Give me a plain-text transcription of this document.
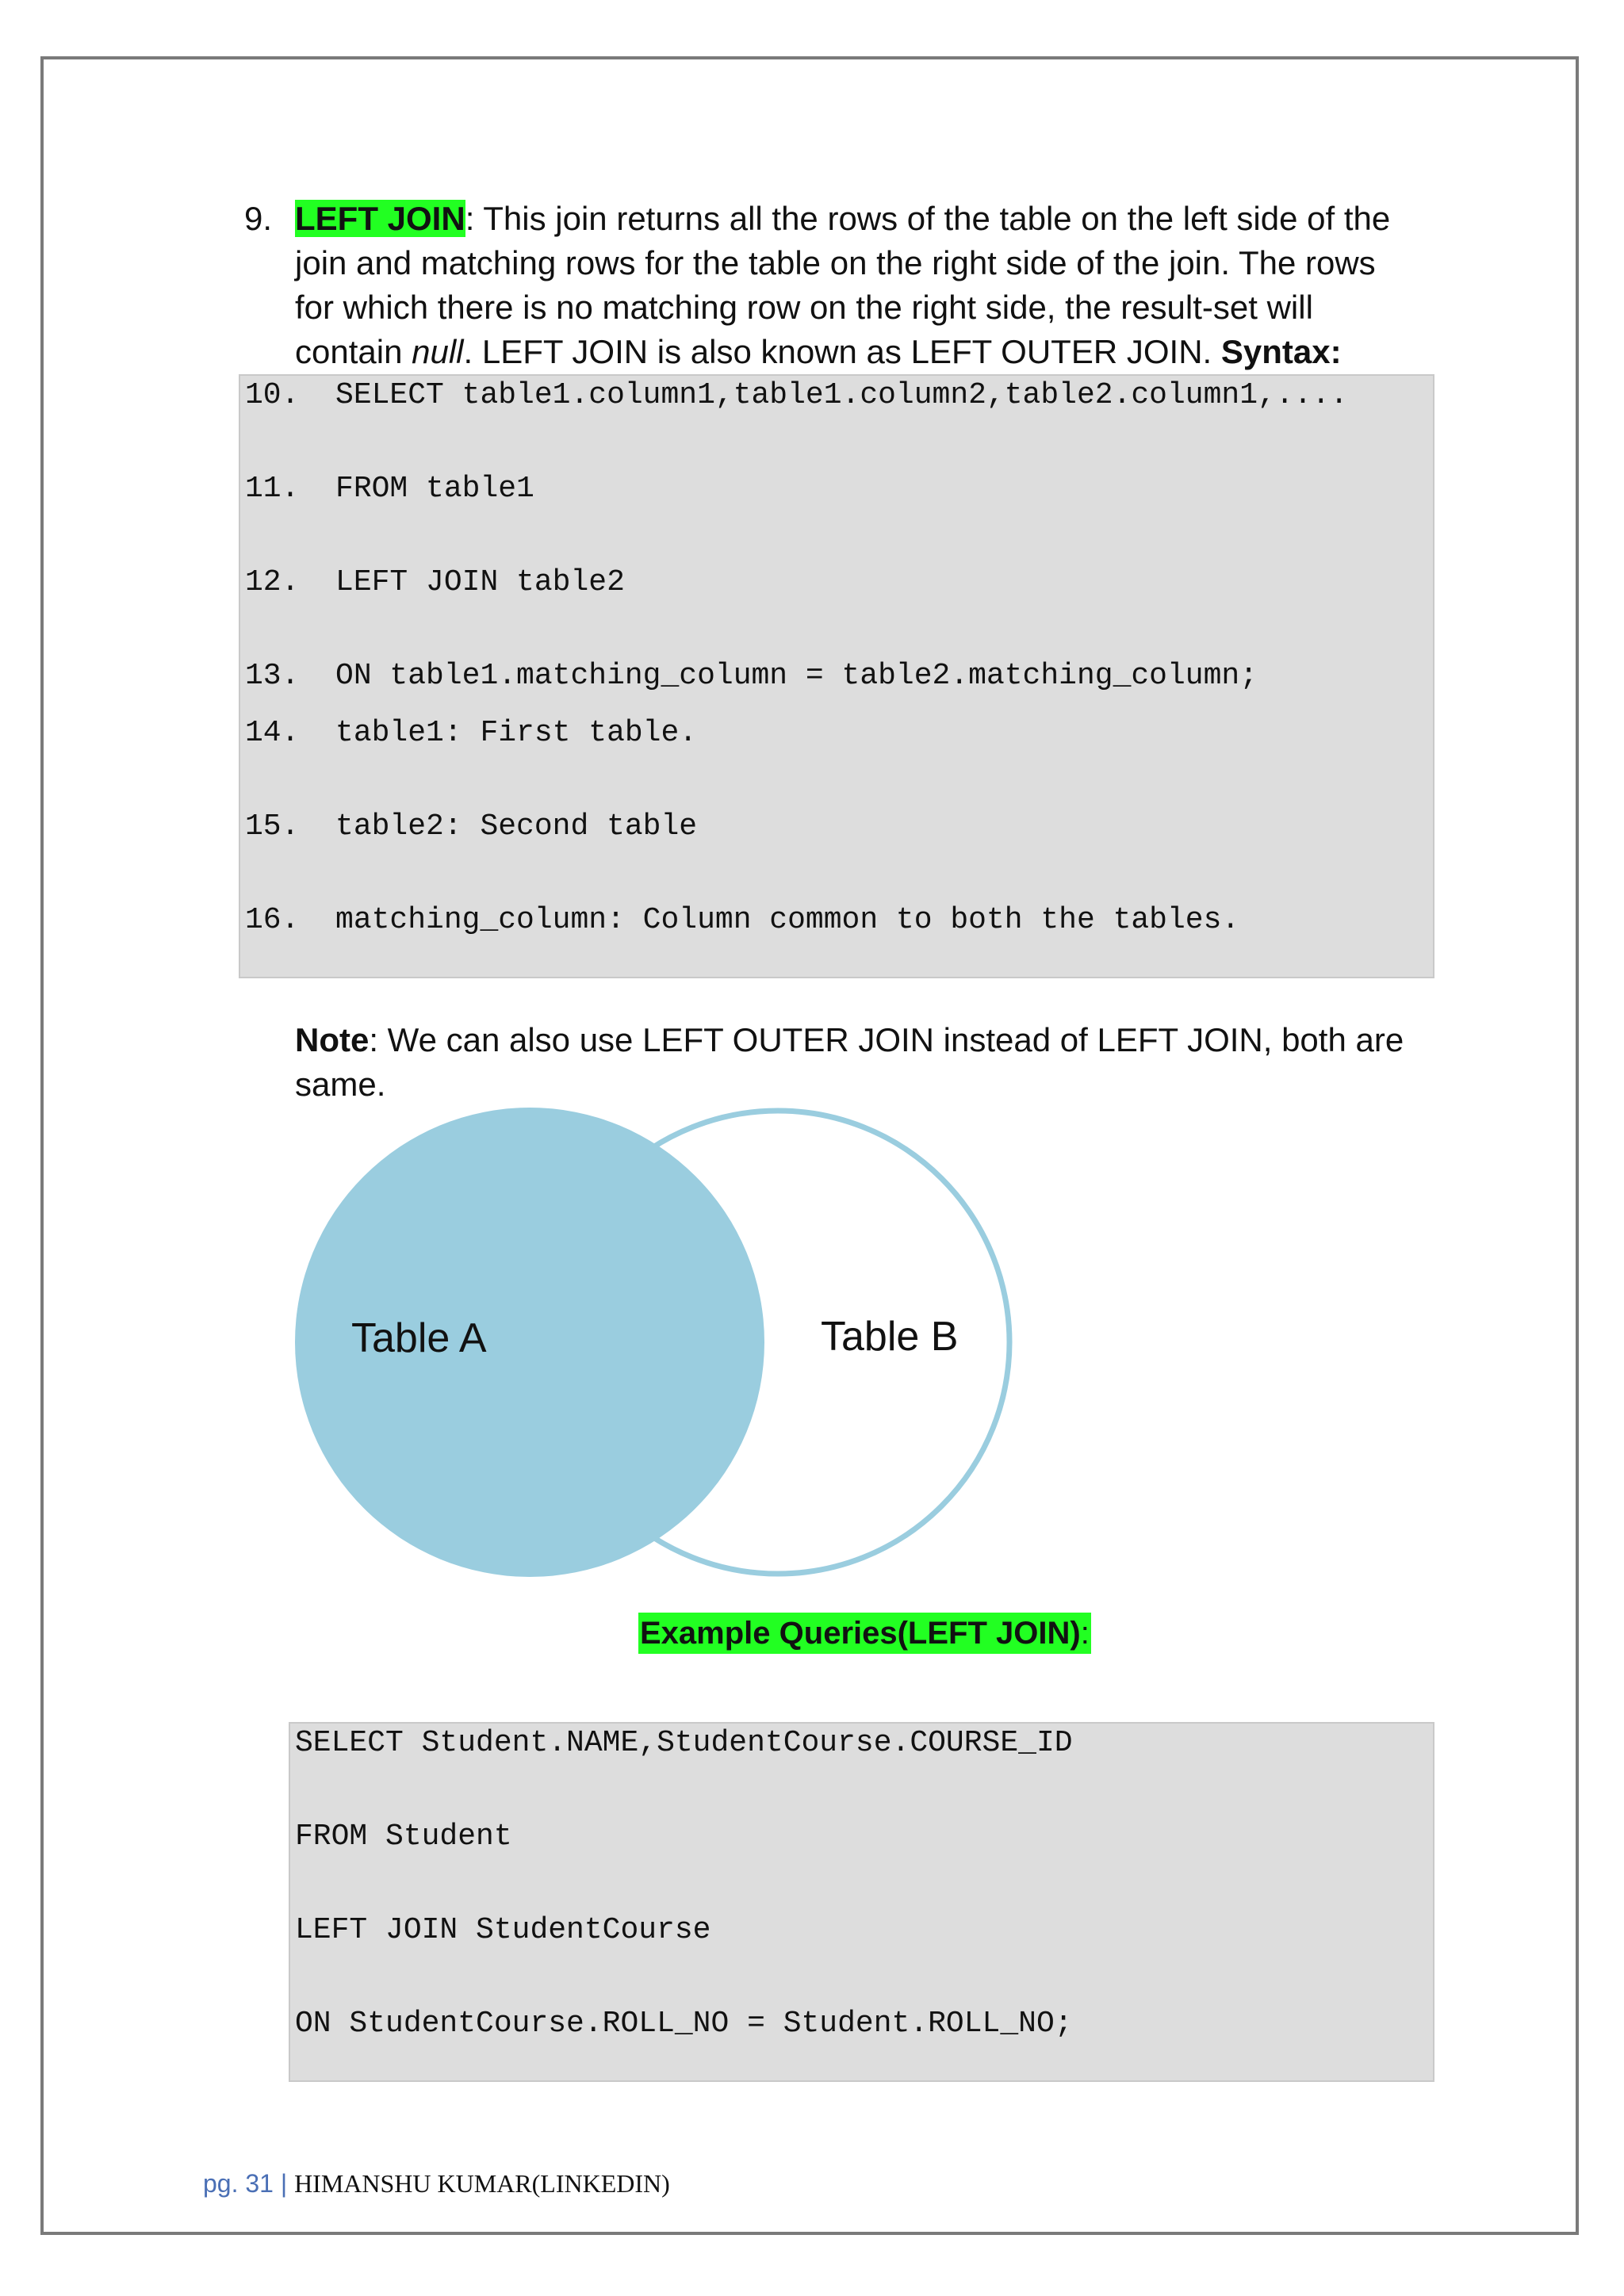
9. LEFT JOIN: This join returns all the rows of the table on the left side of the
join and matching rows for the table on the right side of the join. The rows
for which there is no matching row on the right side, the result-set will
contain null. LEFT JOIN is also known as LEFT OUTER JOIN. Syntax:
10.  SELECT table1.column1,table1.column2,table2.column1,....
11.  FROM table1
12.  LEFT JOIN table2
13.  ON table1.matching_column = table2.matching_column;
14.  table1: First table.
15.  table2: Second table
16.  matching_column: Column common to both the tables.
Note: We can also use LEFT OUTER JOIN instead of LEFT JOIN, both are
same.
Table A	Table B
Example Queries(LEFT JOIN):
SELECT Student.NAME,StudentCourse.COURSE_ID
FROM Student
LEFT JOIN StudentCourse
ON StudentCourse.ROLL_NO = Student.ROLL_NO;
pg. 31 | HIMANSHU KUMAR(LINKEDIN)
